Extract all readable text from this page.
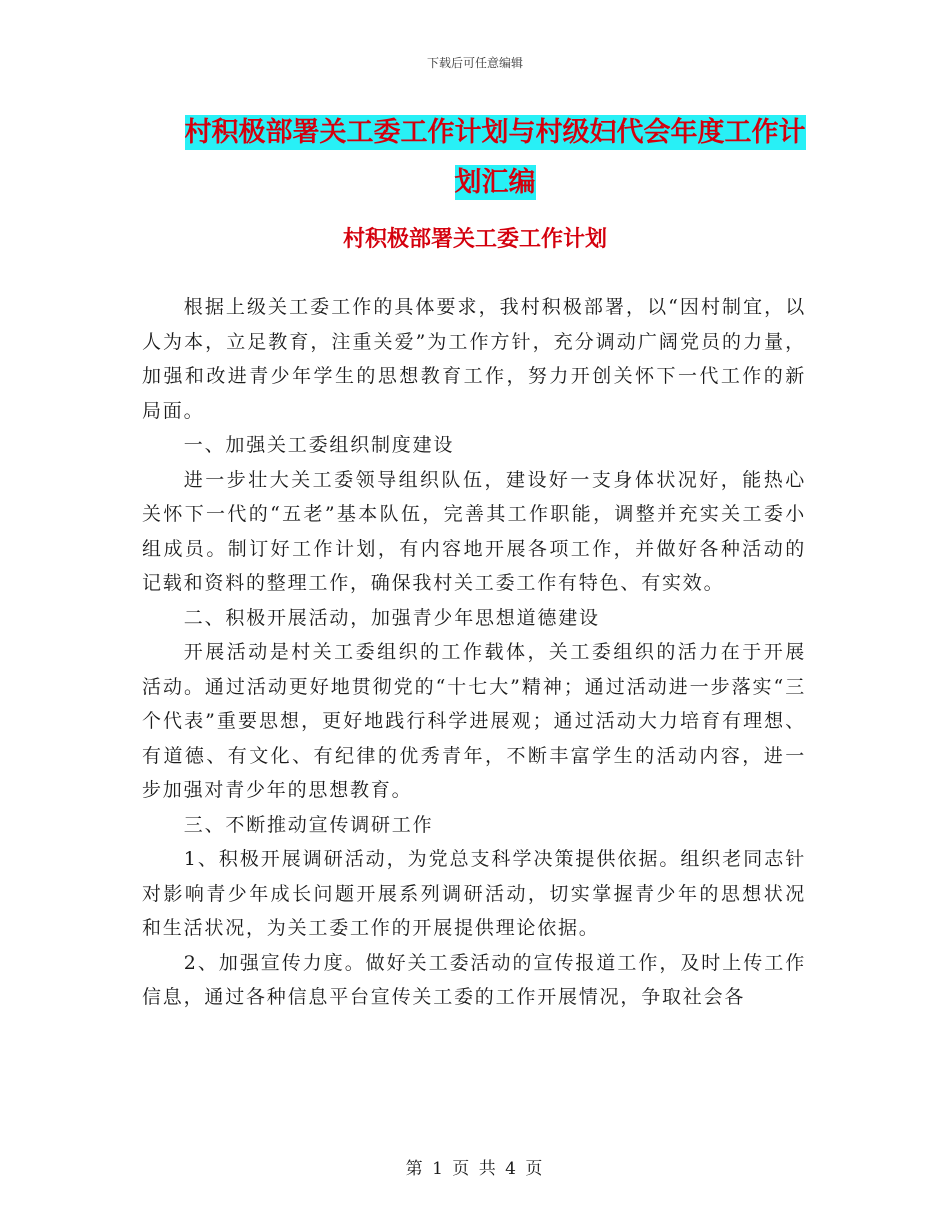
下载后可任意编辑
村积极部署关工委工作计划与村级妇代会年度工作计
划汇编
村积极部署关工委工作计划

根据上级关工委工作的具体要求，我村积极部署，以“因村制宜，以人为本，立足教育，注重关爱”为工作方针，充分调动广阔党员的力量，加强和改进青少年学生的思想教育工作，努力开创关怀下一代工作的新局面。

一、加强关工委组织制度建设

进一步壮大关工委领导组织队伍，建设好一支身体状况好，能热心关怀下一代的“五老”基本队伍，完善其工作职能，调整并充实关工委小组成员。制订好工作计划，有内容地开展各项工作，并做好各种活动的记载和资料的整理工作，确保我村关工委工作有特色、有实效。

二、积极开展活动，加强青少年思想道德建设

开展活动是村关工委组织的工作载体，关工委组织的活力在于开展活动。通过活动更好地贯彻党的“十七大”精神；通过活动进一步落实“三个代表”重要思想，更好地践行科学进展观；通过活动大力培育有理想、有道德、有文化、有纪律的优秀青年，不断丰富学生的活动内容，进一步加强对青少年的思想教育。

三、不断推动宣传调研工作

1、积极开展调研活动，为党总支科学决策提供依据。组织老同志针对影响青少年成长问题开展系列调研活动，切实掌握青少年的思想状况和生活状况，为关工委工作的开展提供理论依据。

2、加强宣传力度。做好关工委活动的宣传报道工作，及时上传工作信息，通过各种信息平台宣传关工委的工作开展情况，争取社会各

第 1 页 共 4 页
